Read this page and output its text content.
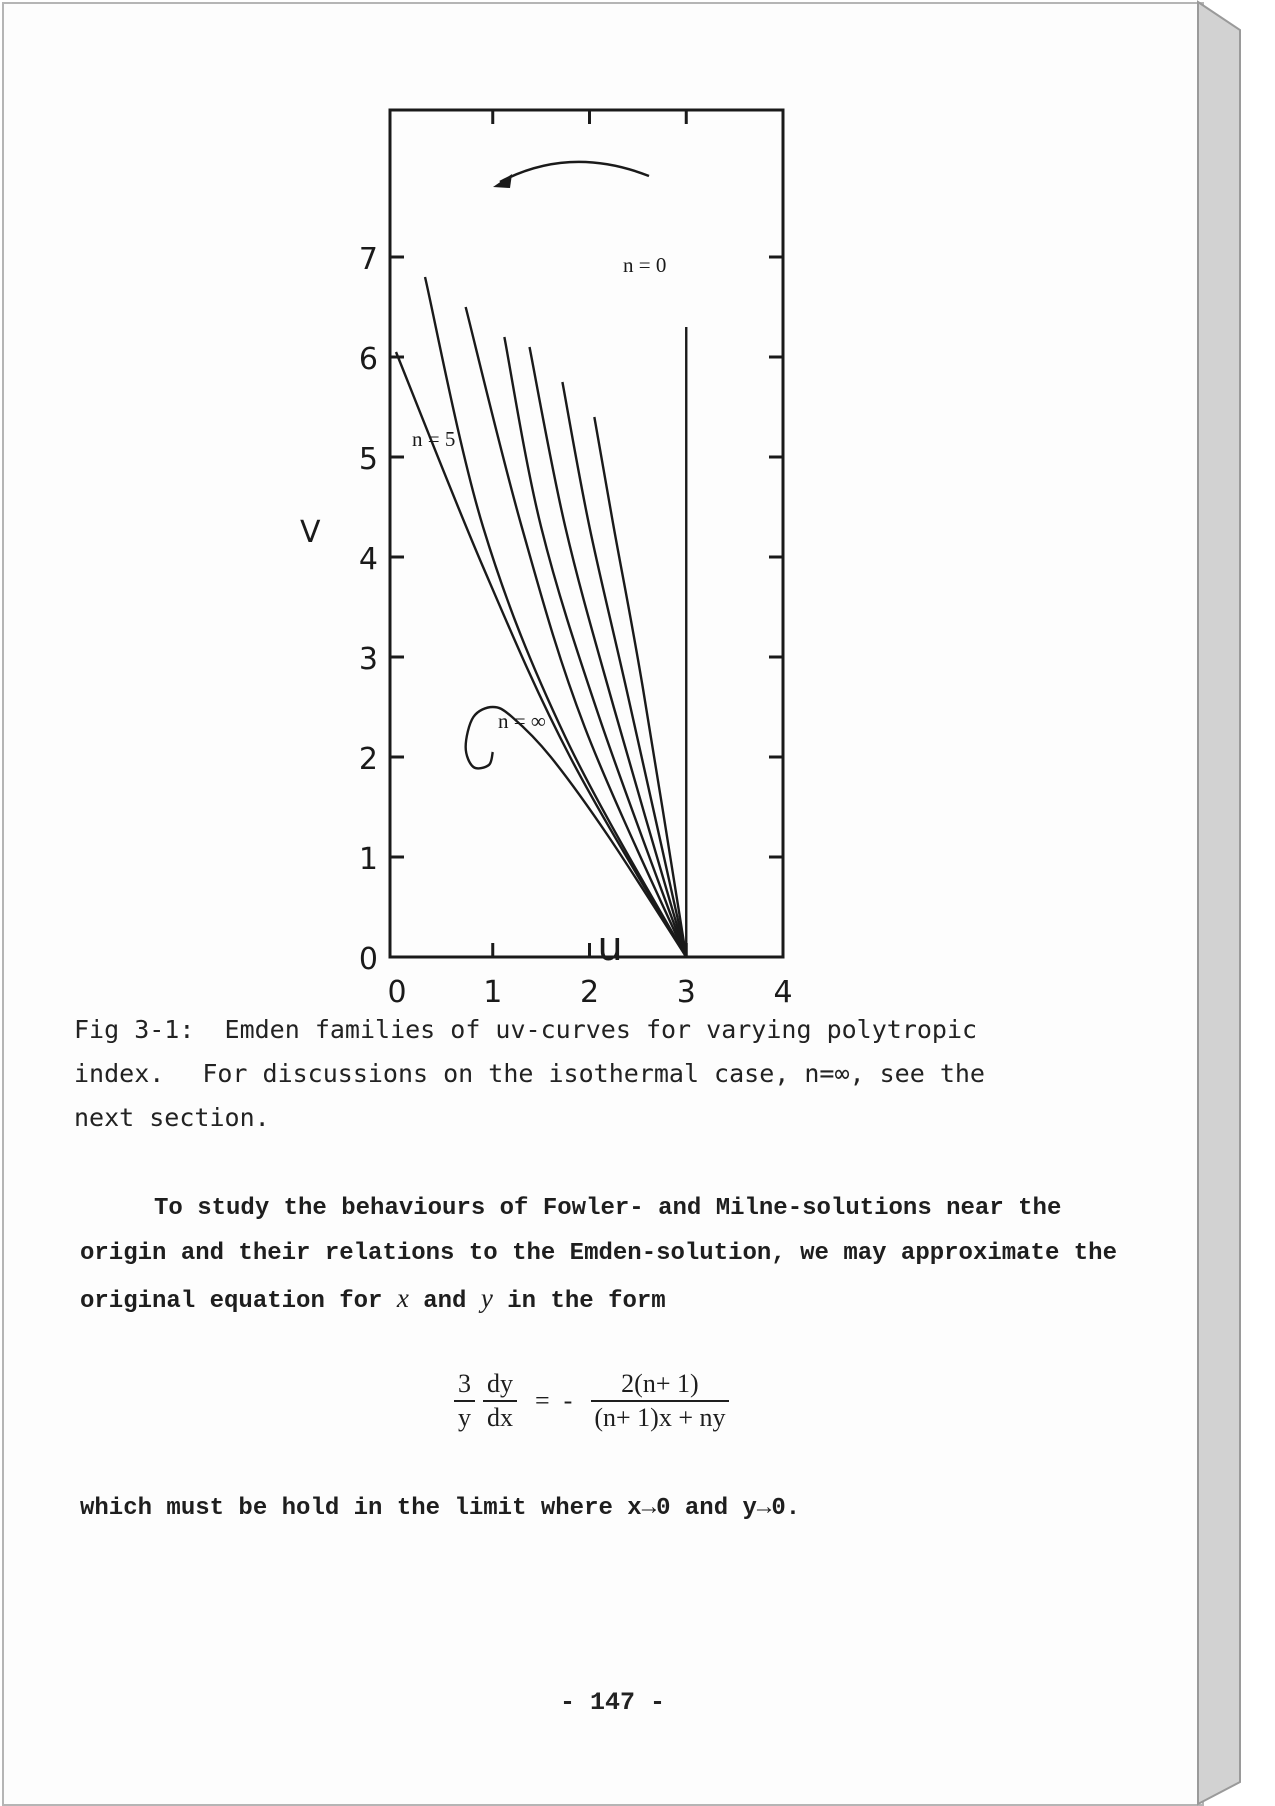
0
1
2
3
4
5
6
7
0	1	2	3	4
n = 0
n = 5
n = ∞
V
u
Fig 3-1:  Emden families of uv-curves for varying polytropic
index. For discussions on the isothermal case, n=∞, see the
next section.

To study the behaviours of Fowler- and Milne-solutions near the

origin and their relations to the Emden-solution, we may approximate the

original equation for x and y in the form

$\frac{3}{y} \frac{dy}{dx}$ = - $\frac{2(n+ 1)}{(n+ 1)x + ny}$

which must be hold in the limit where x→0 and y→0.

- 147 -
